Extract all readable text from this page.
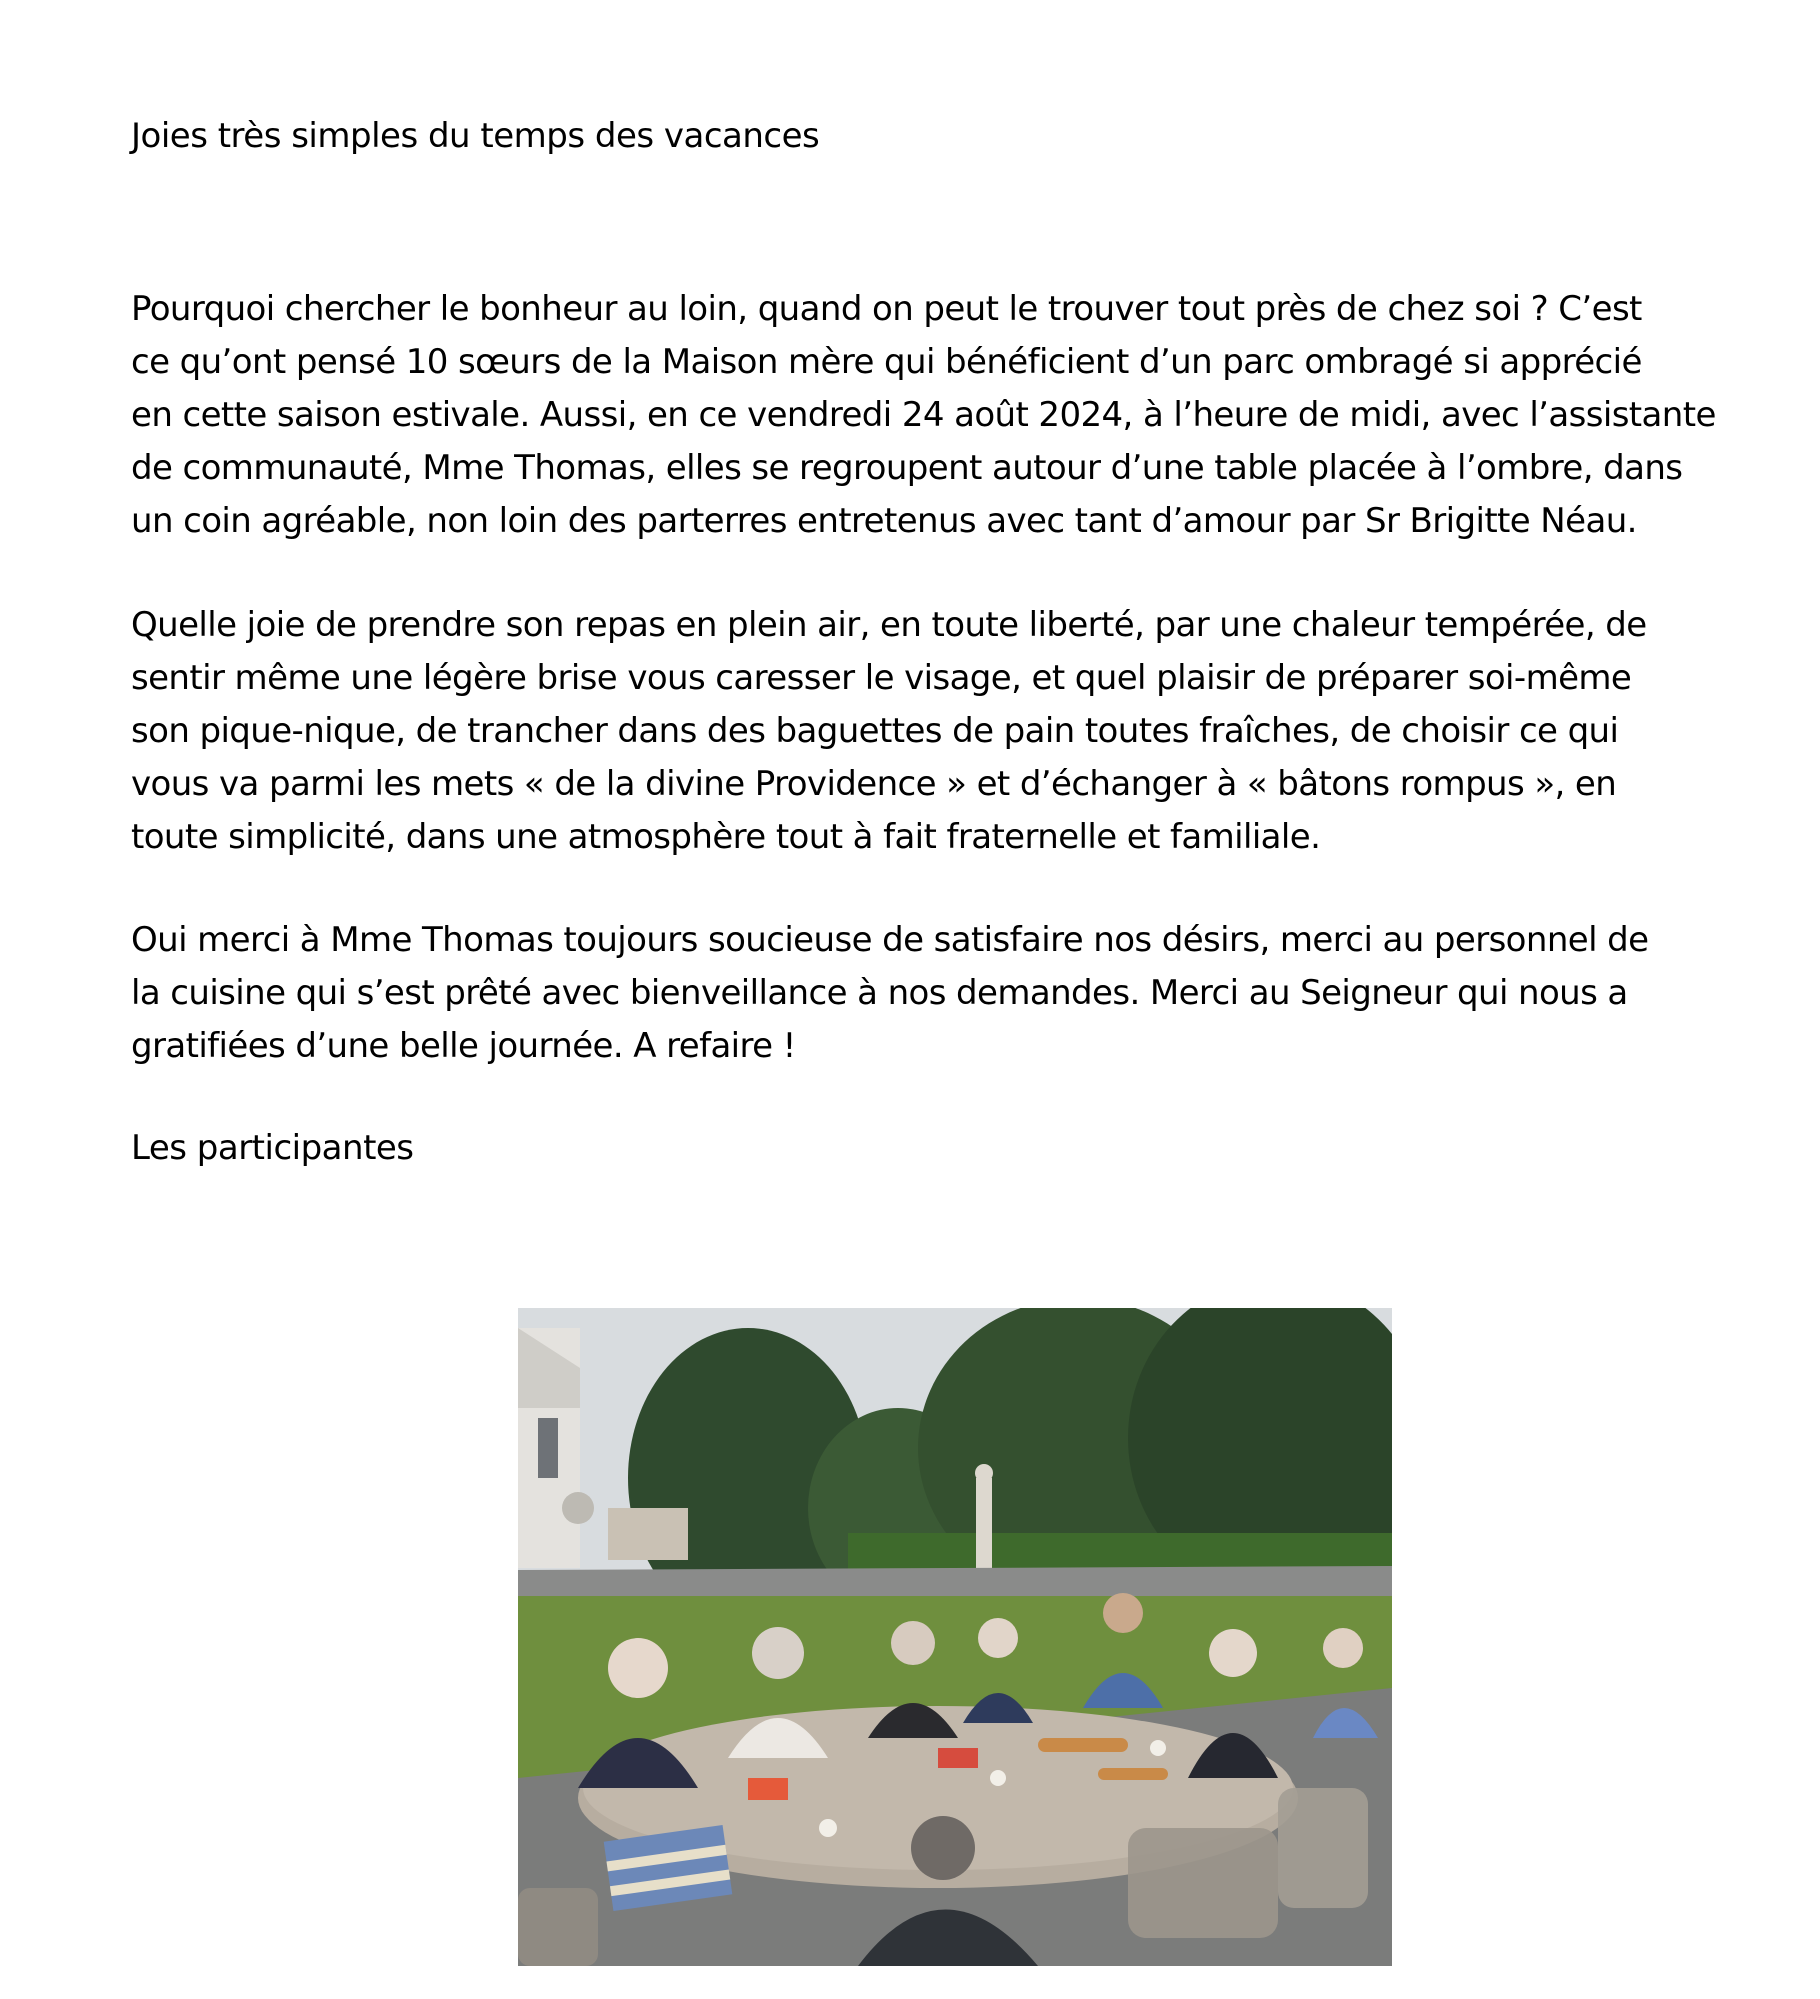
Joies très simples du temps des vacances

Pourquoi chercher le bonheur au loin, quand on peut le trouver tout près de chez soi ? C’est
ce qu’ont pensé 10 sœurs de la Maison mère qui bénéficient d’un parc ombragé si apprécié
en cette saison estivale. Aussi, en ce vendredi 24 août 2024, à l’heure de midi, avec l’assistante
de communauté, Mme Thomas, elles se regroupent autour d’une table placée à l’ombre, dans
un coin agréable, non loin des parterres entretenus avec tant d’amour par Sr Brigitte Néau.

Quelle joie de prendre son repas en plein air, en toute liberté, par une chaleur tempérée, de
sentir même une légère brise vous caresser le visage, et quel plaisir de préparer soi-même
son pique-nique, de trancher dans des baguettes de pain toutes fraîches, de choisir ce qui
vous va parmi les mets « de la divine Providence » et d’échanger à « bâtons rompus », en
toute simplicité, dans une atmosphère tout à fait fraternelle et familiale.

Oui merci à Mme Thomas toujours soucieuse de satisfaire nos désirs, merci au personnel de
la cuisine qui s’est prêté avec bienveillance à nos demandes. Merci au Seigneur qui nous a
gratifiées d’une belle journée. A refaire !

Les participantes
